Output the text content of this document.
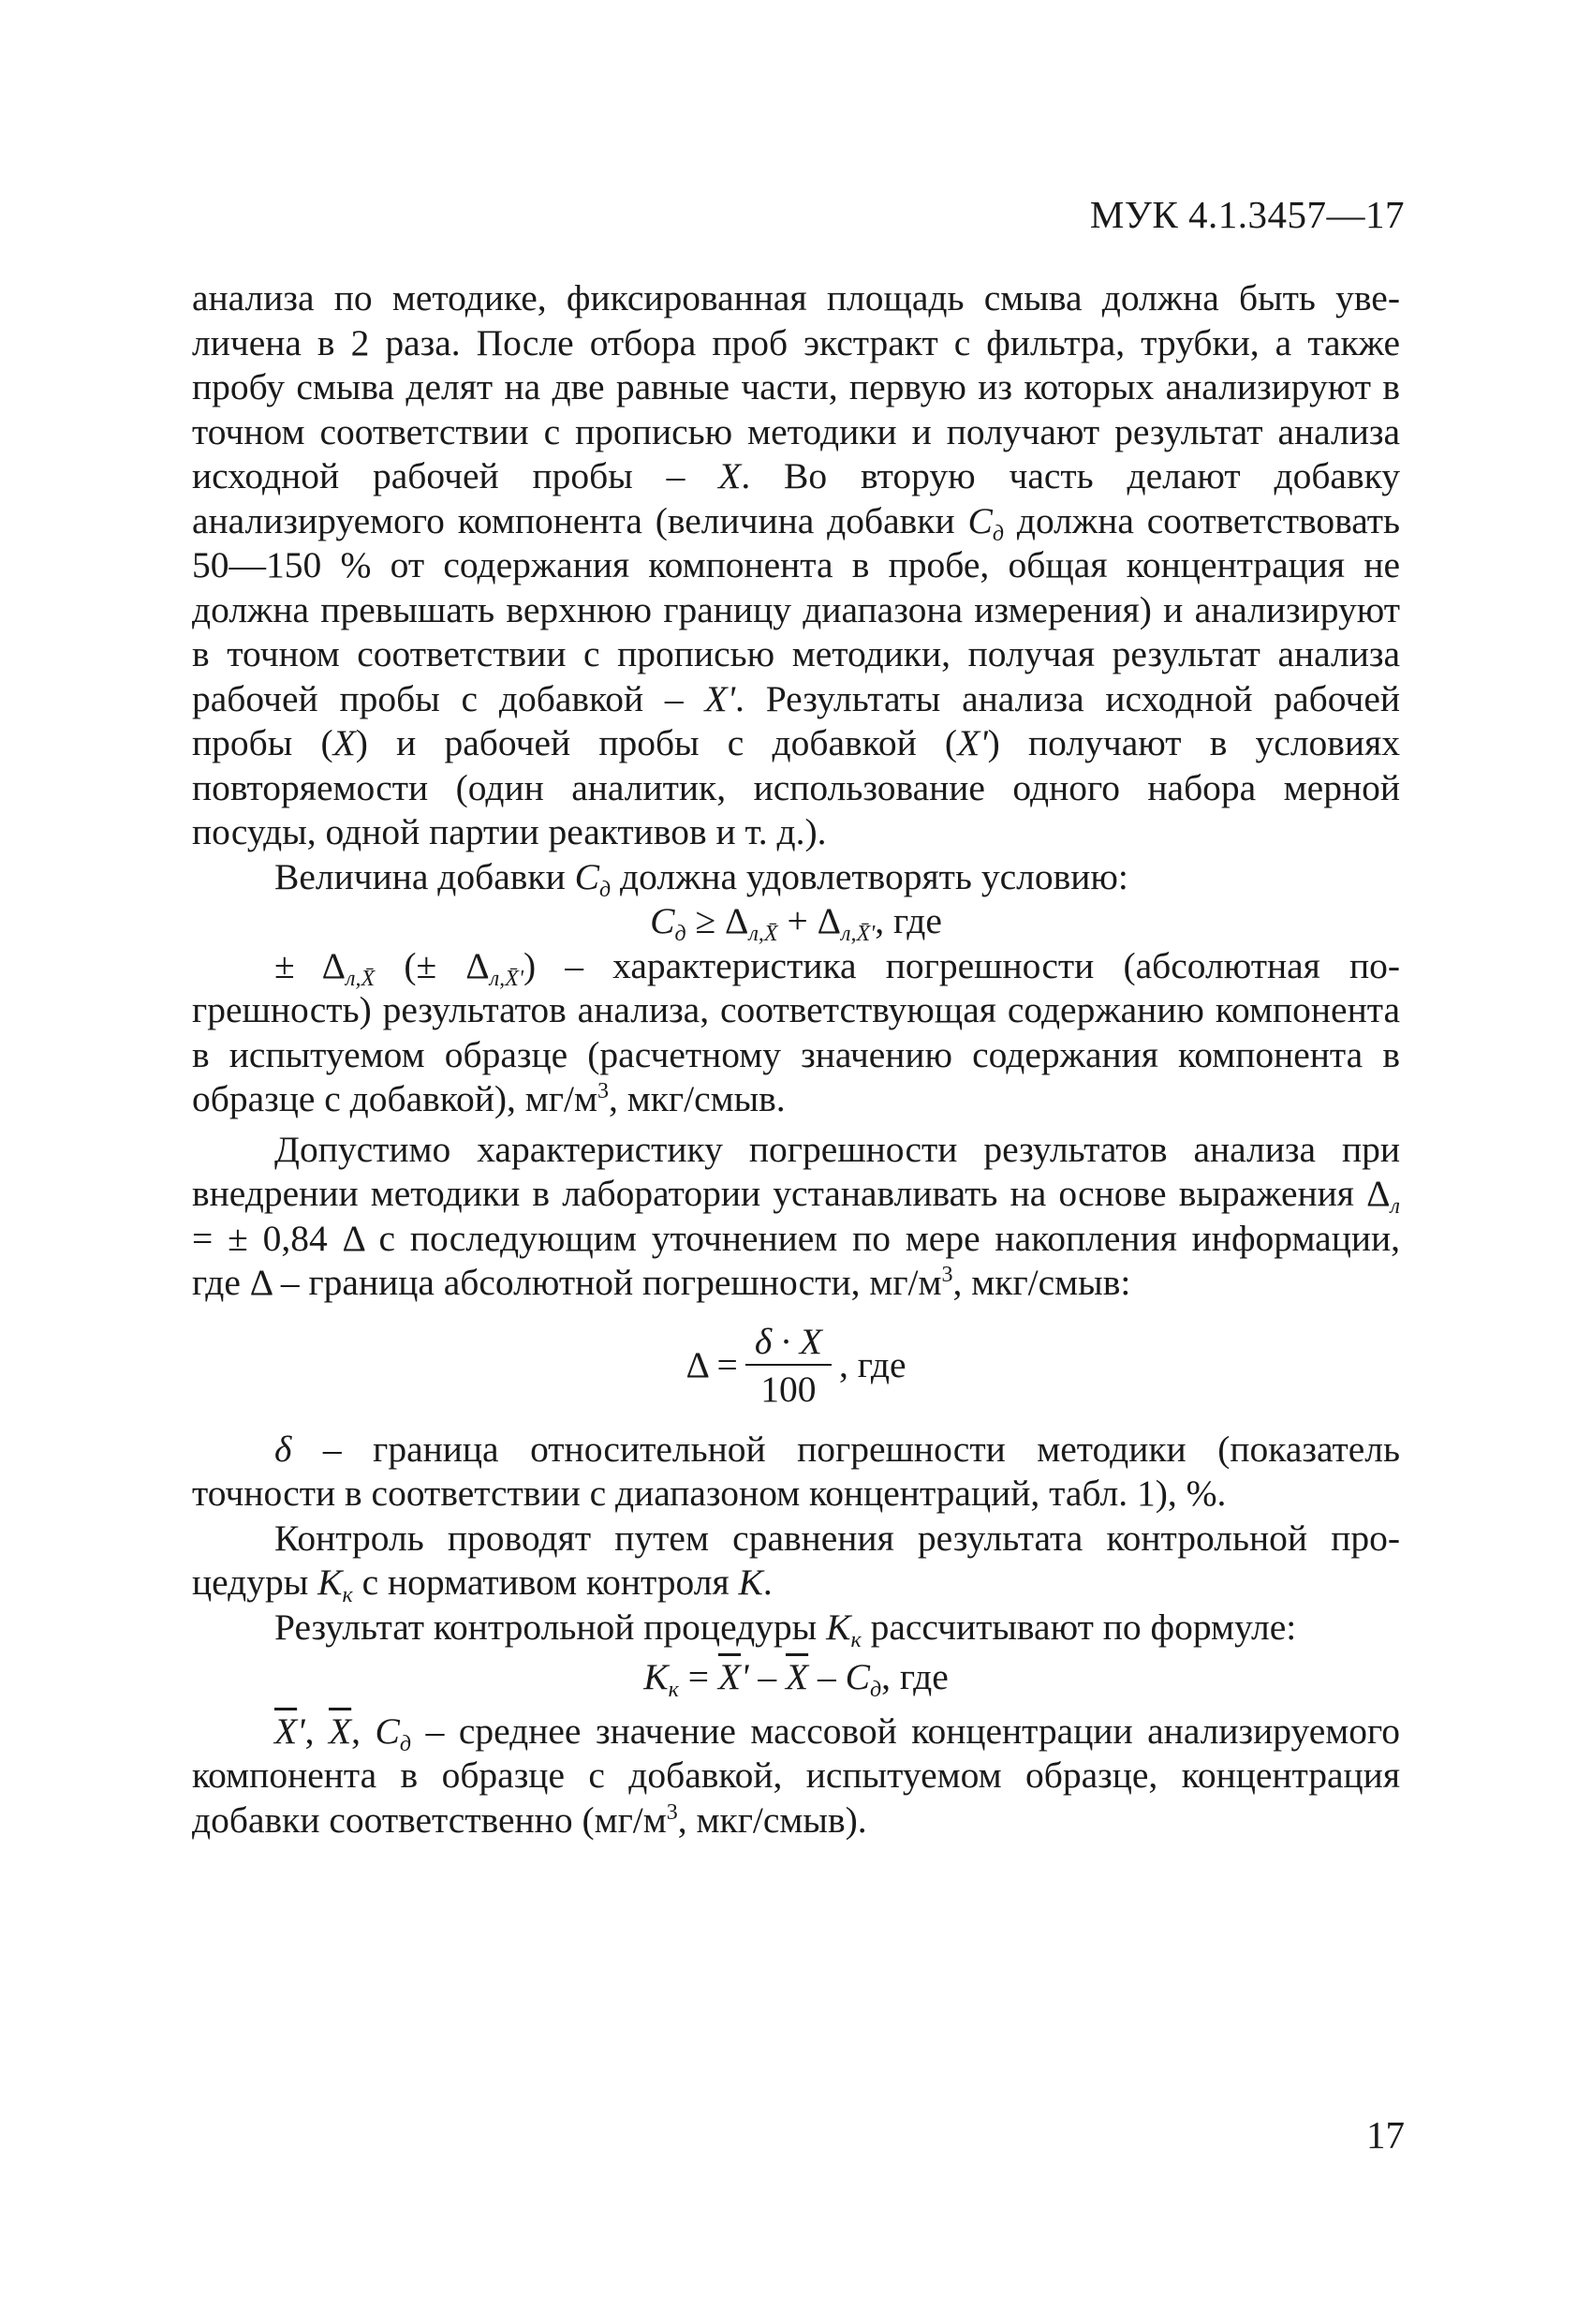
МУК 4.1.3457—17

анализа по методике, фиксированная площадь смыва должна быть увеличена в 2 раза. После отбора проб экстракт с фильтра, трубки, а также пробу смыва делят на две равные части, первую из которых анализируют в точном соответствии с прописью методики и получают результат анализа исходной рабочей пробы – X. Во вторую часть делают добавку анализируемого компонента (величина добавки $C_д$ должна соответствовать 50—150 % от содержания компонента в пробе, общая концентрация не должна превышать верхнюю границу диапазона измерения) и анализируют в точном соответствии с прописью методики, получая результат анализа рабочей пробы с добавкой – X'. Результаты анализа исходной рабочей пробы (X) и рабочей пробы с добавкой (X') получают в условиях повторяемости (один аналитик, использование одного набора мерной посуды, одной партии реактивов и т. д.).

Величина добавки $C_д$ должна удовлетворять условию:

$C_д \ge \Delta_{л,X̄} + \Delta_{л,X̄'}$, где

± $\Delta_{л,X̄}$ (± $\Delta_{л,X̄'}$) – характеристика погрешности (абсолютная погрешность) результатов анализа, соответствующая содержанию компонента в испытуемом образце (расчетному значению содержания компонента в образце с добавкой), $мг/м^3$, мкг/смыв.

Допустимо характеристику погрешности результатов анализа при внедрении методики в лаборатории устанавливать на основе выражения $\Delta_л$ = ± 0,84 Δ с последующим уточнением по мере накопления информации, где Δ – граница абсолютной погрешности, $мг/м^3$, мкг/смыв:

$\Delta = \frac{\delta \cdot X}{100}$ , где

δ – граница относительной погрешности методики (показатель точности в соответствии с диапазоном концентраций, табл. 1), %.

Контроль проводят путем сравнения результата контрольной процедуры $K_к$ с нормативом контроля K.

Результат контрольной процедуры $K_к$ рассчитывают по формуле:

$K_к = \overline{X}' - \overline{X} - C_д$, где

$\overline{X}'$, $\overline{X}$, $C_д$ – среднее значение массовой концентрации анализируемого компонента в образце с добавкой, испытуемом образце, концентрация добавки соответственно ($мг/м^3$, мкг/смыв).

17
